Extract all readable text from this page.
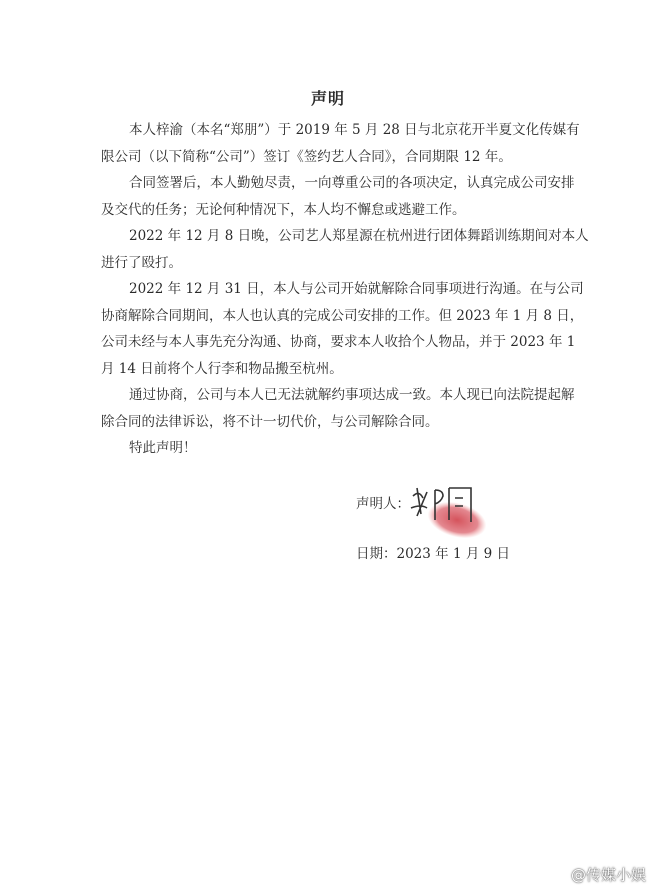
声明

本人梓渝（本名“郑朋”）于 2019 年 5 月 28 日与北京花开半夏文化传媒有
限公司（以下简称“公司”）签订《签约艺人合同》，合同期限 12 年。

合同签署后，本人勤勉尽责，一向尊重公司的各项决定，认真完成公司安排
及交代的任务；无论何种情况下，本人均不懈怠或逃避工作。

2022 年 12 月 8 日晚，公司艺人郑星源在杭州进行团体舞蹈训练期间对本人
进行了殴打。

2022 年 12 月 31 日，本人与公司开始就解除合同事项进行沟通。在与公司
协商解除合同期间，本人也认真的完成公司安排的工作。但 2023 年 1 月 8 日，
公司未经与本人事先充分沟通、协商，要求本人收拾个人物品，并于 2023 年 1
月 14 日前将个人行李和物品搬至杭州。

通过协商，公司与本人已无法就解约事项达成一致。本人现已向法院提起解
除合同的法律诉讼，将不计一切代价，与公司解除合同。

特此声明！

声明人：
日期：2023 年 1 月 9 日
@传媒小娱
